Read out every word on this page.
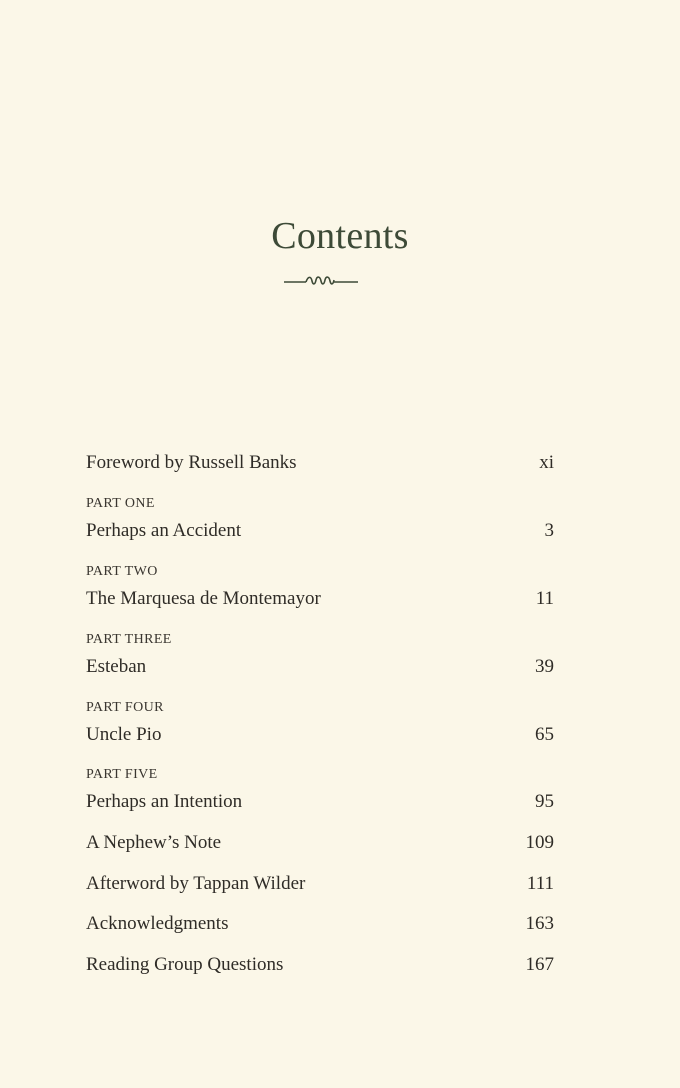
Contents
Foreword by Russell Banks	xi
PART ONE
Perhaps an Accident	3
PART TWO
The Marquesa de Montemayor	11
PART THREE
Esteban	39
PART FOUR
Uncle Pio	65
PART FIVE
Perhaps an Intention	95
A Nephew’s Note	109
Afterword by Tappan Wilder	111
Acknowledgments	163
Reading Group Questions	167
